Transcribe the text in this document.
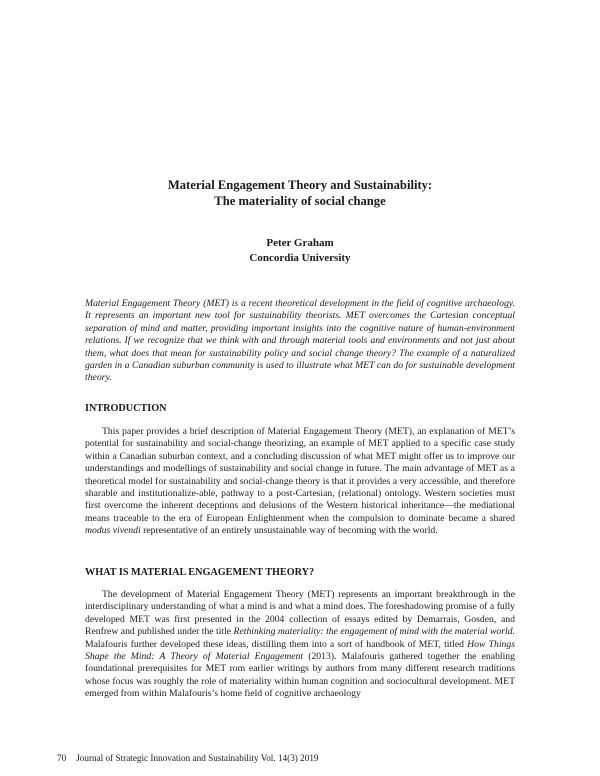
Material Engagement Theory and Sustainability:
The materiality of social change
Peter Graham
Concordia University

Material Engagement Theory (MET) is a recent theoretical development in the field of cognitive archaeology. It represents an important new tool for sustainability theorists. MET overcomes the Cartesian conceptual separation of mind and matter, providing important insights into the cognitive nature of human-environment relations. If we recognize that we think with and through material tools and environments and not just about them, what does that mean for sustainability policy and social change theory? The example of a naturalized garden in a Canadian suburban community is used to illustrate what MET can do for sustainable development theory.

INTRODUCTION

This paper provides a brief description of Material Engagement Theory (MET), an explanation of MET’s potential for sustainability and social-change theorizing, an example of MET applied to a specific case study within a Canadian suburban context, and a concluding discussion of what MET might offer us to improve our understandings and modellings of sustainability and social change in future. The main advantage of MET as a theoretical model for sustainability and social-change theory is that it provides a very accessible, and therefore sharable and institutionalize-able, pathway to a post-Cartesian, (relational) ontology. Western societies must first overcome the inherent deceptions and delusions of the Western historical inheritance—the mediational means traceable to the era of European Enlightenment when the compulsion to dominate became a shared modus vivendi representative of an entirely unsustainable way of becoming with the world.

WHAT IS MATERIAL ENGAGEMENT THEORY?

The development of Material Engagement Theory (MET) represents an important breakthrough in the interdisciplinary understanding of what a mind is and what a mind does. The foreshadowing promise of a fully developed MET was first presented in the 2004 collection of essays edited by Demarrais, Gosden, and Renfrew and published under the title Rethinking materiality: the engagement of mind with the material world. Malafouris further developed these ideas, distilling them into a sort of handbook of MET, titled How Things Shape the Mind: A Theory of Material Engagement (2013). Malafouris gathered together the enabling foundational prerequisites for MET rom earlier writings by authors from many different research traditions whose focus was roughly the role of materiality within human cognition and sociocultural development. MET emerged from within Malafouris’s home field of cognitive archaeology

70 Journal of Strategic Innovation and Sustainability Vol. 14(3) 2019
